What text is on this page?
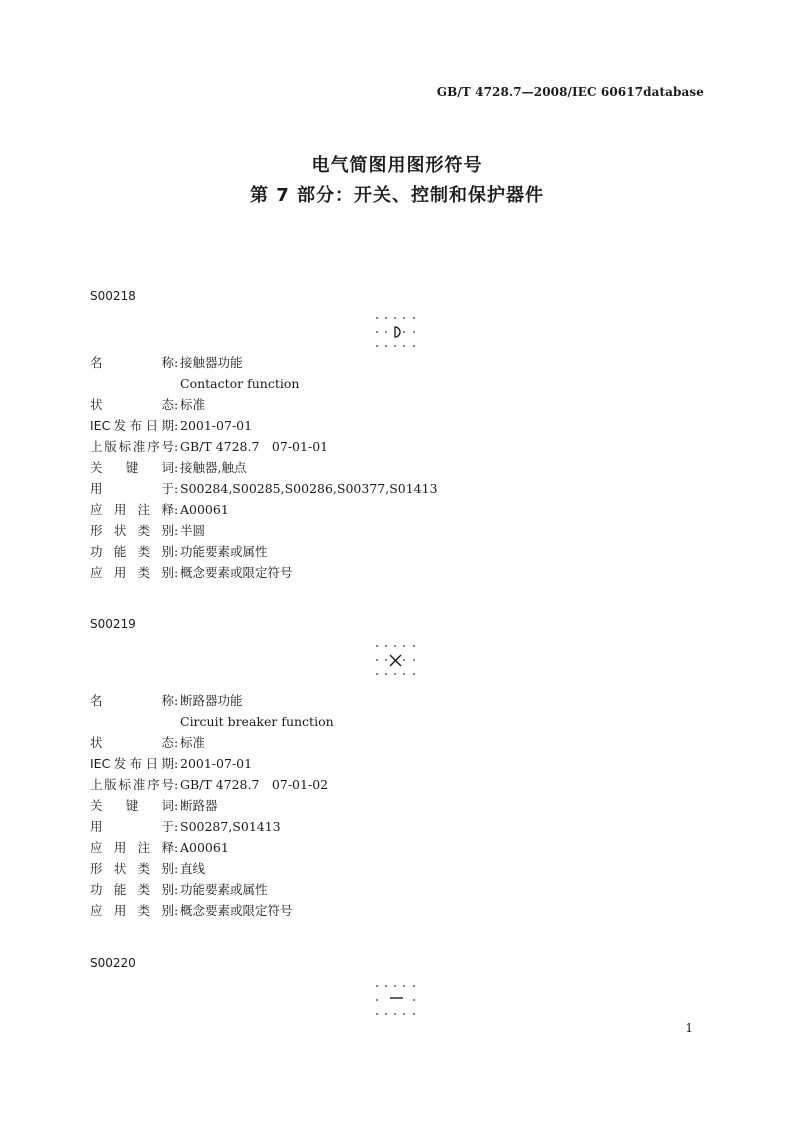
GB/T 4728.7—2008/IEC 60617database
电气简图用图形符号
第 7 部分：开关、控制和保护器件
S00218
名称 : 接触器功能
Contactor function
状态 : 标准
IEC发布日期 : 2001-07-01
上版标准序号 : GB/T 4728.7　07-01-01
关键词 : 接触器,触点
用于 : S00284,S00285,S00286,S00377,S01413
应用注释 : A00061
形状类别 : 半圆
功能类别 : 功能要素或属性
应用类别 : 概念要素或限定符号
S00219
名称 : 断路器功能
Circuit breaker function
状态 : 标准
IEC发布日期 : 2001-07-01
上版标准序号 : GB/T 4728.7　07-01-02
关键词 : 断路器
用于 : S00287,S01413
应用注释 : A00061
形状类别 : 直线
功能类别 : 功能要素或属性
应用类别 : 概念要素或限定符号
S00220
1
